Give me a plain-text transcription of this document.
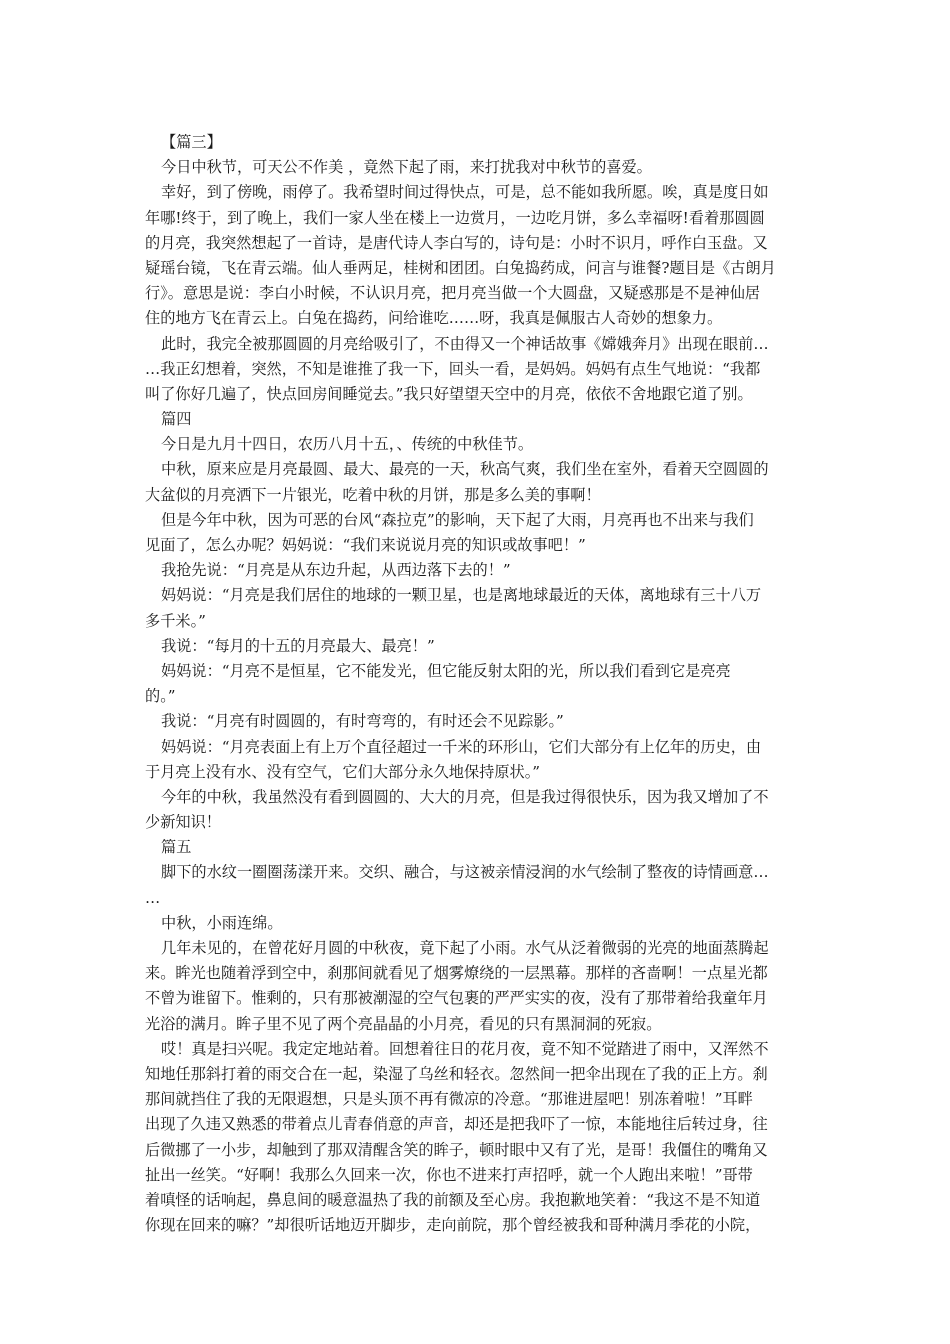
【篇三】
今日中秋节，可天公不作美 ，竟然下起了雨，来打扰我对中秋节的喜爱。
幸好，到了傍晚，雨停了。我希望时间过得快点，可是，总不能如我所愿。唉，真是度日如
年哪!终于，到了晚上，我们一家人坐在楼上一边赏月，一边吃月饼，多么幸福呀!看着那圆圆
的月亮，我突然想起了一首诗，是唐代诗人李白写的，诗句是：小时不识月，呼作白玉盘。又
疑瑶台镜，飞在青云端。仙人垂两足，桂树和团团。白兔捣药成，问言与谁餐?题目是《古朗月
行》。意思是说：李白小时候，不认识月亮，把月亮当做一个大圆盘，又疑惑那是不是神仙居
住的地方飞在青云上。白兔在捣药，问给谁吃……呀，我真是佩服古人奇妙的想象力。
此时，我完全被那圆圆的月亮给吸引了，不由得又一个神话故事《嫦娥奔月》出现在眼前…
…我正幻想着，突然，不知是谁推了我一下，回头一看，是妈妈。妈妈有点生气地说：“我都
叫了你好几遍了，快点回房间睡觉去。”我只好望望天空中的月亮，依依不舍地跟它道了别。
篇四
今日是九月十四日，农历八月十五，、传统的中秋佳节。
中秋，原来应是月亮最圆、最大、最亮的一天，秋高气爽，我们坐在室外，看着天空圆圆的
大盆似的月亮洒下一片银光，吃着中秋的月饼，那是多么美的事啊！
但是今年中秋，因为可恶的台风“森拉克”的影响，天下起了大雨，月亮再也不出来与我们
见面了，怎么办呢？妈妈说：“我们来说说月亮的知识或故事吧！”
我抢先说：“月亮是从东边升起，从西边落下去的！”
妈妈说：“月亮是我们居住的地球的一颗卫星，也是离地球最近的天体，离地球有三十八万
多千米。”
我说：“每月的十五的月亮最大、最亮！”
妈妈说：“月亮不是恒星，它不能发光，但它能反射太阳的光，所以我们看到它是亮亮
的。”
我说：“月亮有时圆圆的，有时弯弯的，有时还会不见踪影。”
妈妈说：“月亮表面上有上万个直径超过一千米的环形山，它们大部分有上亿年的历史，由
于月亮上没有水、没有空气，它们大部分永久地保持原状。”
今年的中秋，我虽然没有看到圆圆的、大大的月亮，但是我过得很快乐，因为我又增加了不
少新知识！
篇五
脚下的水纹一圈圈荡漾开来。交织、融合，与这被亲情浸润的水气绘制了整夜的诗情画意…
…
中秋，小雨连绵。
几年未见的，在曾花好月圆的中秋夜，竟下起了小雨。水气从泛着微弱的光亮的地面蒸腾起
来。眸光也随着浮到空中，刹那间就看见了烟雾燎绕的一层黑幕。那样的吝啬啊！一点星光都
不曾为谁留下。惟剩的，只有那被潮湿的空气包裹的严严实实的夜，没有了那带着给我童年月
光浴的满月。眸子里不见了两个亮晶晶的小月亮，看见的只有黑洞洞的死寂。
哎！真是扫兴呢。我定定地站着。回想着往日的花月夜，竟不知不觉踏进了雨中，又浑然不
知地任那斜打着的雨交合在一起，染湿了乌丝和轻衣。忽然间一把伞出现在了我的正上方。刹
那间就挡住了我的无限遐想，只是头顶不再有微凉的冷意。“那谁进屋吧！别冻着啦！”耳畔
出现了久违又熟悉的带着点儿青春俏意的声音，却还是把我吓了一惊，本能地往后转过身，往
后微挪了一小步，却触到了那双清醒含笑的眸子，顿时眼中又有了光，是哥！我僵住的嘴角又
扯出一丝笑。“好啊！我那么久回来一次，你也不进来打声招呼，就一个人跑出来啦！”哥带
着嗔怪的话响起，鼻息间的暖意温热了我的前额及至心房。我抱歉地笑着：“我这不是不知道
你现在回来的嘛？”却很听话地迈开脚步，走向前院，那个曾经被我和哥种满月季花的小院，
